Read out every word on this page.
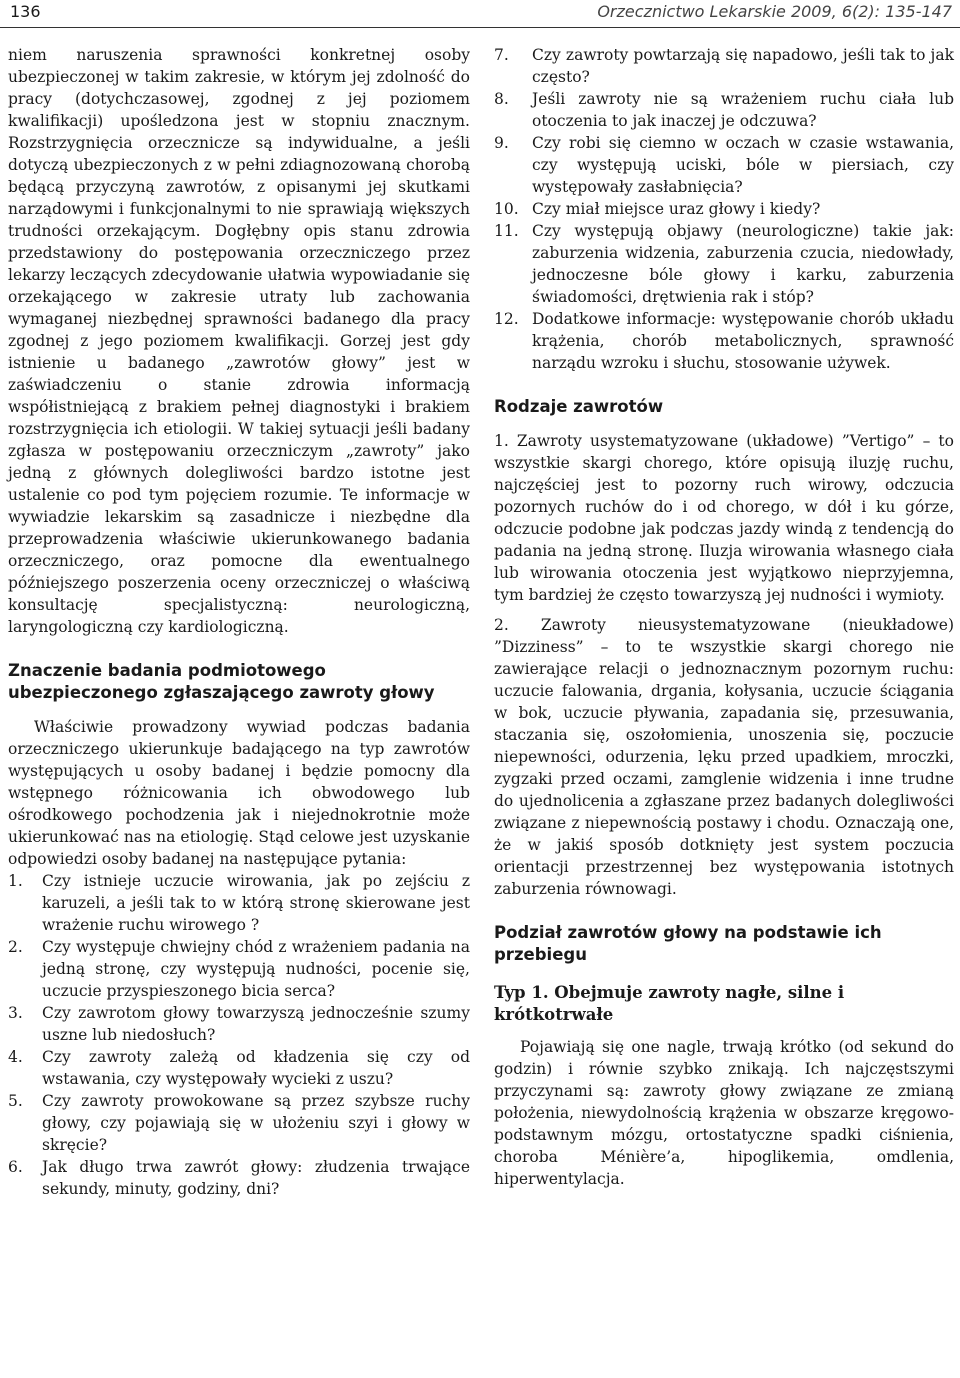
136	Orzecznictwo Lekarskie 2009, 6(2): 135-147

niem naruszenia sprawności konkretnej osoby ubezpieczonej w takim zakresie, w którym jej zdolność do pracy (dotychczasowej, zgodnej z jej poziomem kwalifikacji) upośledzona jest w stopniu znacznym. Rozstrzygnięcia orzecznicze są indywidualne, a jeśli dotyczą ubezpieczonych z w pełni zdiagnozowaną chorobą będącą przyczyną zawrotów, z opisanymi jej skutkami narządowymi i funkcjonalnymi to nie sprawiają większych trudności orzekającym. Dogłębny opis stanu zdrowia przedstawiony do postępowania orzeczniczego przez lekarzy leczących zdecydowanie ułatwia wypowiadanie się orzekającego w zakresie utraty lub zachowania wymaganej niezbędnej sprawności badanego dla pracy zgodnej z jego poziomem kwalifikacji. Gorzej jest gdy istnienie u badanego „zawrotów głowy” jest w zaświadczeniu o stanie zdrowia informacją współistniejącą z brakiem pełnej diagnostyki i brakiem rozstrzygnięcia ich etiologii. W takiej sytuacji jeśli badany zgłasza w postępowaniu orzeczniczym „zawroty” jako jedną z głównych dolegliwości bardzo istotne jest ustalenie co pod tym pojęciem rozumie. Te informacje w wywiadzie lekarskim są zasadnicze i niezbędne dla przeprowadzenia właściwie ukierunkowanego badania orzeczniczego, oraz pomocne dla ewentualnego późniejszego poszerzenia oceny orzeczniczej o właściwą konsultację specjalistyczną: neurologiczną, laryngologiczną czy kardiologiczną.

Znaczenie badania podmiotowego ubezpieczonego zgłaszającego zawroty głowy

Właściwie prowadzony wywiad podczas badania orzeczniczego ukierunkuje badającego na typ zawrotów występujących u osoby badanej i będzie pomocny dla wstępnego różnicowania ich obwodowego lub ośrodkowego pochodzenia jak i niejednokrotnie może ukierunkować nas na etiologię. Stąd celowe jest uzyskanie odpowiedzi osoby badanej na następujące pytania:

1.	Czy istnieje uczucie wirowania, jak po zejściu z karuzeli, a jeśli tak to w którą stronę skierowane jest wrażenie ruchu wirowego ?
2.	Czy występuje chwiejny chód z wrażeniem padania na jedną stronę, czy występują nudności, pocenie się, uczucie przyspieszonego bicia serca?
3.	Czy zawrotom głowy towarzyszą jednocześnie szumy uszne lub niedosłuch?
4.	Czy zawroty zależą od kładzenia się czy od wstawania, czy występowały wycieki z uszu?
5.	Czy zawroty prowokowane są przez szybsze ruchy głowy, czy pojawiają się w ułożeniu szyi i głowy w skręcie?
6.	Jak długo trwa zawrót głowy: złudzenia trwające sekundy, minuty, godziny, dni?
7.	Czy zawroty powtarzają się napadowo, jeśli tak to jak często?
8.	Jeśli zawroty nie są wrażeniem ruchu ciała lub otoczenia to jak inaczej je odczuwa?
9.	Czy robi się ciemno w oczach w czasie wstawania, czy występują uciski, bóle w piersiach, czy występowały zasłabnięcia?
10. Czy miał miejsce uraz głowy i kiedy?
11. Czy występują objawy (neurologiczne) takie jak: zaburzenia widzenia, zaburzenia czucia, niedowłady, jednoczesne bóle głowy i karku, zaburzenia świadomości, drętwienia rak i stóp?
12. Dodatkowe informacje: występowanie chorób układu krążenia, chorób metabolicznych, sprawność narządu wzroku i słuchu, stosowanie używek.
Rodzaje zawrotów

1. Zawroty usystematyzowane (układowe) ”Vertigo” – to wszystkie skargi chorego, które opisują iluzję ruchu, najczęściej jest to pozorny ruch wirowy, odczucia pozornych ruchów do i od chorego, w dół i ku górze, odczucie podobne jak podczas jazdy windą z tendencją do padania na jedną stronę. Iluzja wirowania własnego ciała lub wirowania otoczenia jest wyjątkowo nieprzyjemna, tym bardziej że często towarzyszą jej nudności i wymioty.

2. Zawroty nieusystematyzowane (nieukładowe) ”Dizziness” – to te wszystkie skargi chorego nie zawierające relacji o jednoznacznym pozornym ruchu: uczucie falowania, drgania, kołysania, uczucie ściągania w bok, uczucie pływania, zapadania się, przesuwania, staczania się, oszołomienia, unoszenia się, poczucie niepewności, odurzenia, lęku przed upadkiem, mroczki, zygzaki przed oczami, zamglenie widzenia i inne trudne do ujednolicenia a zgłaszane przez badanych dolegliwości związane z niepewnością postawy i chodu. Oznaczają one, że w jakiś sposób dotknięty jest system poczucia orientacji przestrzennej bez występowania istotnych zaburzenia równowagi.

Podział zawrotów głowy na podstawie ich przebiegu
Typ 1. Obejmuje zawroty nagłe, silne i krótkotrwałe

Pojawiają się one nagle, trwają krótko (od sekund do godzin) i równie szybko znikają. Ich najczęstszymi przyczynami są: zawroty głowy związane ze zmianą położenia, niewydolnością krążenia w obszarze kręgowo-podstawnym mózgu, ortostatyczne spadki ciśnienia, choroba Ménière’a, hipoglikemia, omdlenia, hiperwentylacja.
